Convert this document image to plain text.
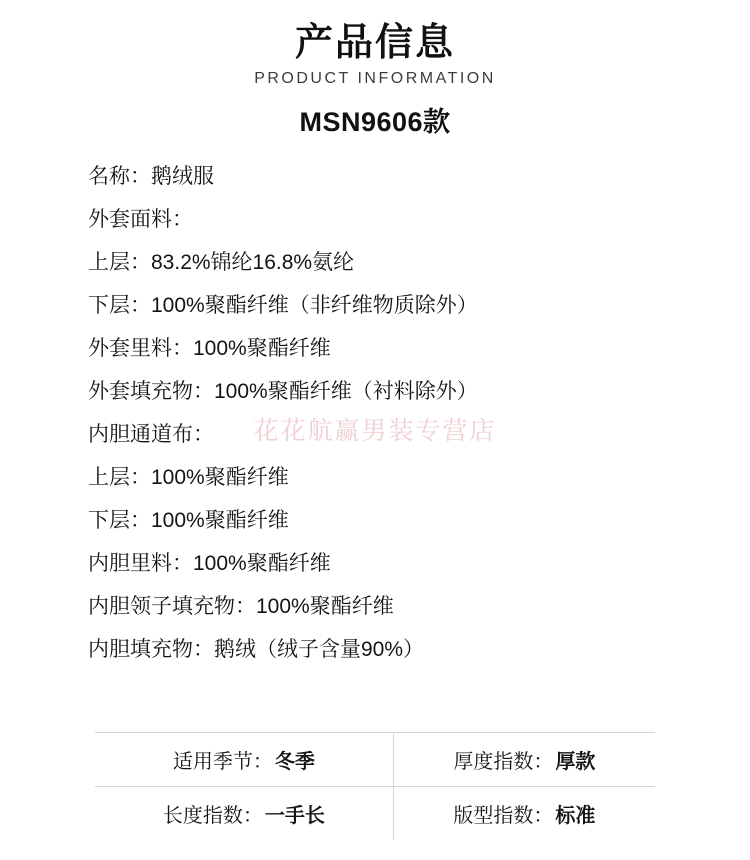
产品信息
PRODUCT INFORMATION
MSN9606款
花花航赢男装专营店
名称：鹅绒服
外套面料：
上层：83.2%锦纶16.8%氨纶
下层：100%聚酯纤维（非纤维物质除外）
外套里料：100%聚酯纤维
外套填充物：100%聚酯纤维（衬料除外）
内胆通道布：
上层：100%聚酯纤维
下层：100%聚酯纤维
内胆里料：100%聚酯纤维
内胆领子填充物：100%聚酯纤维
内胆填充物：鹅绒（绒子含量90%）
适用季节： 冬季	厚度指数： 厚款

长度指数： 一手长	版型指数： 标准
